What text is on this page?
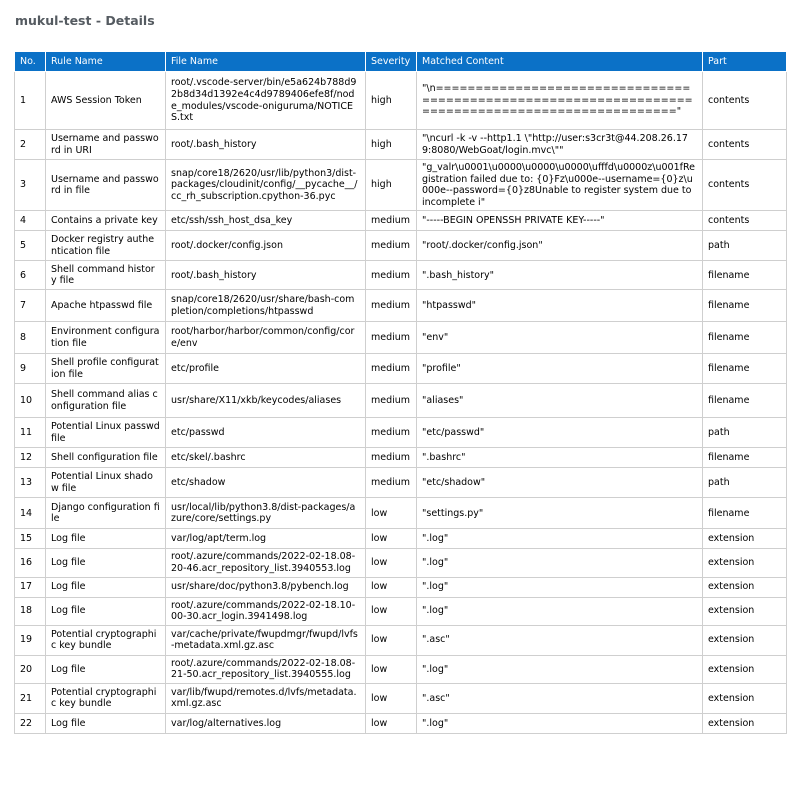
mukul-test - Details
No.	Rule Name	File Name	Severity	Matched Content	Part
1	AWS Session Token	root/.vscode-server/bin/e5a624b788d92b8d34d1392e4c4d9789406efe8f/node_modules/vscode-oniguruma/NOTICES.txt	high	"\n=================================================================================================="	contents
2	Username and password in URI	root/.bash_history	high	"\ncurl -k -v --http1.1 \"http://user:s3cr3t@44.208.26.179:8080/WebGoat/login.mvc\""	contents
3	Username and password in file	snap/core18/2620/usr/lib/python3/dist-packages/cloudinit/config/__pycache__/cc_rh_subscription.cpython-36.pyc	high	"g_valr\u0001\u0000\u0000\u0000\ufffd\u0000z\u001fRegistration failed due to: {0}Fz\u000e--username={0}z\u000e--password={0}z8Unable to register system due to incomplete i"	contents
4	Contains a private key	etc/ssh/ssh_host_dsa_key	medium	"-----BEGIN OPENSSH PRIVATE KEY-----"	contents
5	Docker registry authentication file	root/.docker/config.json	medium	"root/.docker/config.json"	path
6	Shell command history file	root/.bash_history	medium	".bash_history"	filename
7	Apache htpasswd file	snap/core18/2620/usr/share/bash-completion/completions/htpasswd	medium	"htpasswd"	filename
8	Environment configuration file	root/harbor/harbor/common/config/core/env	medium	"env"	filename
9	Shell profile configuration file	etc/profile	medium	"profile"	filename
10	Shell command alias configuration file	usr/share/X11/xkb/keycodes/aliases	medium	"aliases"	filename
11	Potential Linux passwd file	etc/passwd	medium	"etc/passwd"	path
12	Shell configuration file	etc/skel/.bashrc	medium	".bashrc"	filename
13	Potential Linux shadow file	etc/shadow	medium	"etc/shadow"	path
14	Django configuration file	usr/local/lib/python3.8/dist-packages/azure/core/settings.py	low	"settings.py"	filename
15	Log file	var/log/apt/term.log	low	".log"	extension
16	Log file	root/.azure/commands/2022-02-18.08-20-46.acr_repository_list.3940553.log	low	".log"	extension
17	Log file	usr/share/doc/python3.8/pybench.log	low	".log"	extension
18	Log file	root/.azure/commands/2022-02-18.10-00-30.acr_login.3941498.log	low	".log"	extension
19	Potential cryptographic key bundle	var/cache/private/fwupdmgr/fwupd/lvfs-metadata.xml.gz.asc	low	".asc"	extension
20	Log file	root/.azure/commands/2022-02-18.08-21-50.acr_repository_list.3940555.log	low	".log"	extension
21	Potential cryptographic key bundle	var/lib/fwupd/remotes.d/lvfs/metadata.xml.gz.asc	low	".asc"	extension
22	Log file	var/log/alternatives.log	low	".log"	extension
